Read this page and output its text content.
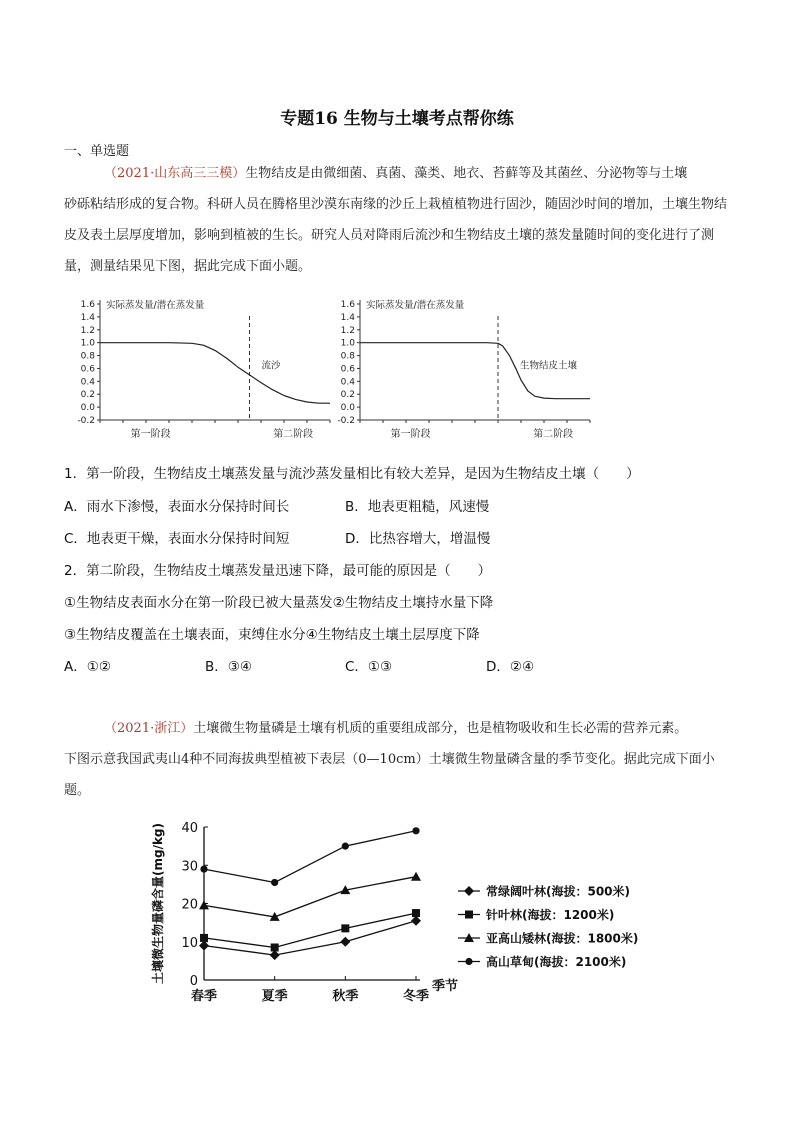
专题16 生物与土壤考点帮你练
一、单选题
（2021·山东高三三模）生物结皮是由微细菌、真菌、藻类、地衣、苔藓等及其菌丝、分泌物等与土壤
砂砾粘结形成的复合物。科研人员在腾格里沙漠东南缘的沙丘上栽植植物进行固沙，随固沙时间的增加，土壤生物结皮及表土层厚度增加，影响到植被的生长。研究人员对降雨后流沙和生物结皮土壤的蒸发量随时间的变化进行了测量，测量结果见下图，据此完成下面小题。
1.6
1.4
1.2
1.0
0.8
0.6
0.4
0.2
0.0
-0.2
实际蒸发量/潜在蒸发量
第一阶段	第二阶段
流沙
1.6
1.4
1.2
1.0
0.8
0.6
0.4
0.2
0.0
-0.2
实际蒸发量/潜在蒸发量
第一阶段	第二阶段
生物结皮土壤
1．第一阶段，生物结皮土壤蒸发量与流沙蒸发量相比有较大差异，是因为生物结皮土壤（　　）
A．雨水下渗慢，表面水分保持时间长	B．地表更粗糙，风速慢
C．地表更干燥，表面水分保持时间短	D．比热容增大，增温慢
2．第二阶段，生物结皮土壤蒸发量迅速下降，最可能的原因是（　　）
①生物结皮表面水分在第一阶段已被大量蒸发②生物结皮土壤持水量下降
③生物结皮覆盖在土壤表面，束缚住水分④生物结皮土壤土层厚度下降
A．①②	B．③④	C．①③	D．②④
（2021·浙江）土壤微生物量磷是土壤有机质的重要组成部分，也是植物吸收和生长必需的营养元素。
下图示意我国武夷山4种不同海拔典型植被下表层（0—10cm）土壤微生物量磷含量的季节变化。据此完成下面小题。
40
30
20
10
0
春季	夏季	秋季	冬季
季节
土壤微生物量磷含量(mg/kg)	常绿阔叶林(海拔：500米)
针叶林(海拔：1200米)
亚高山矮林(海拔：1800米)
高山草甸(海拔：2100米)
